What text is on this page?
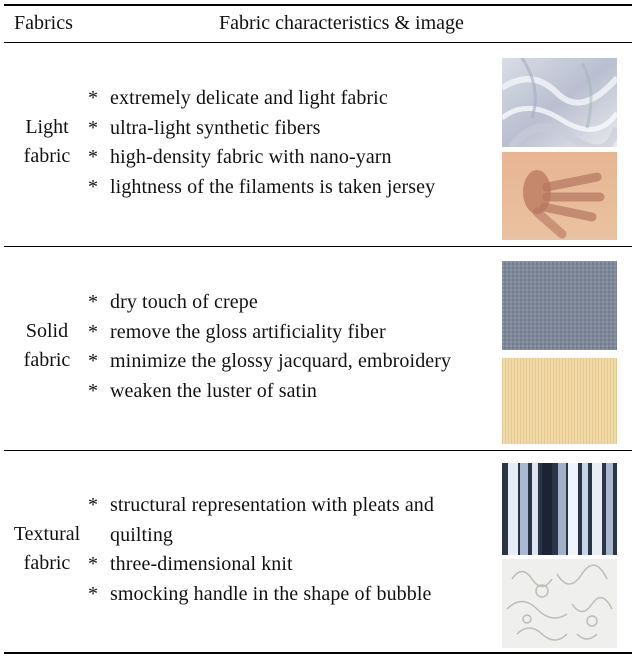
Fabrics	Fabric characteristics & image
Light
fabric
* extremely delicate and light fabric
* ultra-light synthetic fibers
* high-density fabric with nano-yarn
* lightness of the filaments is taken jersey
Solid
fabric
* dry touch of crepe
* remove the gloss artificiality fiber
* minimize the glossy jacquard, embroidery
* weaken the luster of satin
Textural
fabric
* structural representation with pleats and
quilting
* three-dimensional knit
* smocking handle in the shape of bubble
